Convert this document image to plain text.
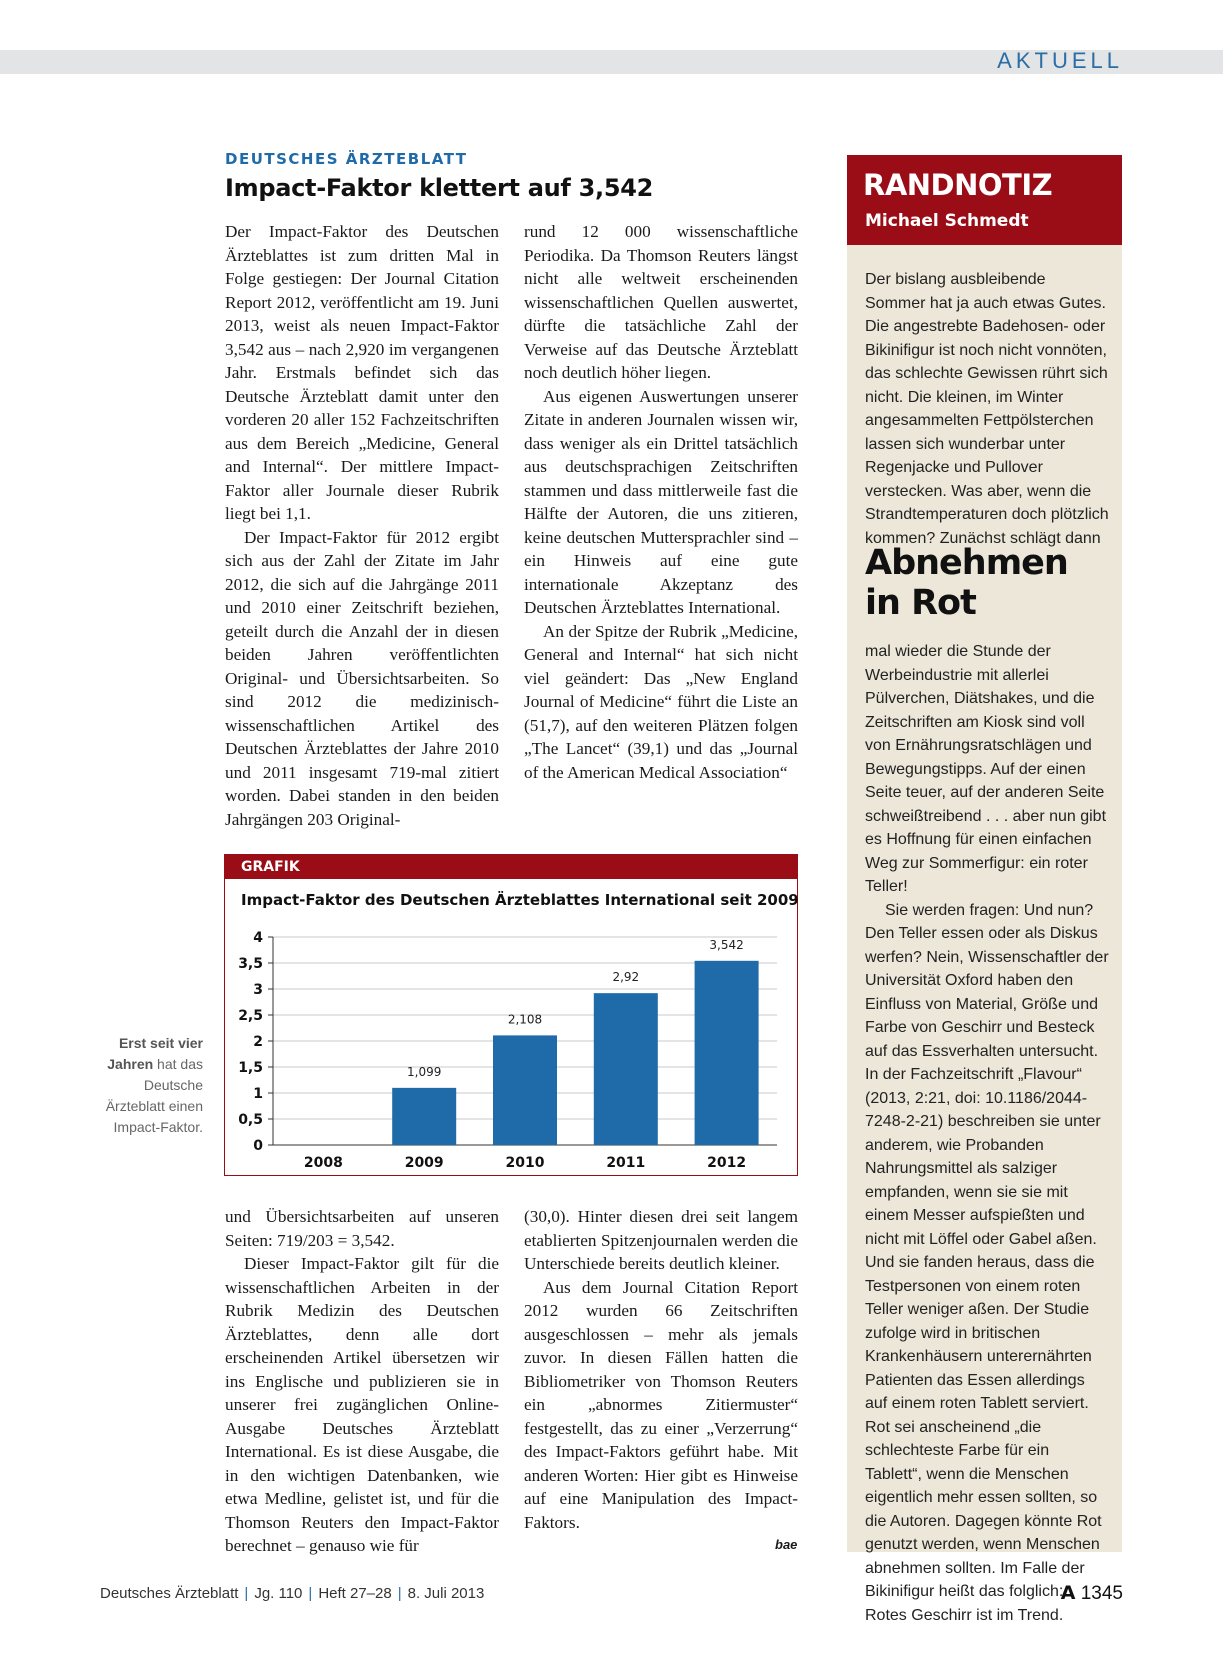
AKTUELL
DEUTSCHES ÄRZTEBLATT
Impact-Faktor klettert auf 3,542

Der Impact-Faktor des Deutschen Ärzteblattes ist zum dritten Mal in Folge gestiegen: Der Journal Citation Report 2012, veröffentlicht am 19. Juni 2013, weist als neuen Impact-Faktor 3,542 aus – nach 2,920 im vergangenen Jahr. Erstmals befindet sich das Deutsche Ärzteblatt damit unter den vorderen 20 aller 152 Fachzeitschriften aus dem Bereich „Medicine, General and Internal“. Der mittlere Impact-Faktor aller Journale dieser Rubrik liegt bei 1,1.

Der Impact-Faktor für 2012 ergibt sich aus der Zahl der Zitate im Jahr 2012, die sich auf die Jahrgänge 2011 und 2010 einer Zeitschrift beziehen, geteilt durch die Anzahl der in diesen beiden Jahren veröffentlichten Original- und Übersichtsarbeiten. So sind 2012 die medizinisch-wissenschaftlichen Artikel des Deutschen Ärzteblattes der Jahre 2010 und 2011 insgesamt 719-mal zitiert worden. Dabei standen in den beiden Jahrgängen 203 Original-

rund 12 000 wissenschaftliche Periodika. Da Thomson Reuters längst nicht alle weltweit erscheinenden wissenschaftlichen Quellen auswertet, dürfte die tatsächliche Zahl der Verweise auf das Deutsche Ärzteblatt noch deutlich höher liegen.

Aus eigenen Auswertungen unserer Zitate in anderen Journalen wissen wir, dass weniger als ein Drittel tatsächlich aus deutschsprachigen Zeitschriften stammen und dass mittlerweile fast die Hälfte der Autoren, die uns zitieren, keine deutschen Muttersprachler sind – ein Hinweis auf eine gute internationale Akzeptanz des Deutschen Ärzteblattes International.

An der Spitze der Rubrik „Medicine, General and Internal“ hat sich nicht viel geändert: Das „New England Journal of Medicine“ führt die Liste an (51,7), auf den weiteren Plätzen folgen „The Lancet“ (39,1) und das „Journal of the American Medical Association“

GRAFIK
Impact-Faktor des Deutschen Ärzteblattes International seit 2009
0
0,5
1
1,5
2
2,5
3
3,5
4
2008
1,099
2009
2,108
2010
2,92
2011
3,542
2012
Erst seit vier Jahren hat das Deutsche Ärzteblatt einen Impact-Faktor.

und Übersichtsarbeiten auf unseren Seiten: 719/203 = 3,542.

Dieser Impact-Faktor gilt für die wissenschaftlichen Arbeiten in der Rubrik Medizin des Deutschen Ärzteblattes, denn alle dort erscheinenden Artikel übersetzen wir ins Englische und publizieren sie in unserer frei zugänglichen Online-Ausgabe Deutsches Ärzteblatt International. Es ist diese Ausgabe, die in den wichtigen Datenbanken, wie etwa Medline, gelistet ist, und für die Thomson Reuters den Impact-Faktor berechnet – genauso wie für

(30,0). Hinter diesen drei seit langem etablierten Spitzenjournalen werden die Unterschiede bereits deutlich kleiner.

Aus dem Journal Citation Report 2012 wurden 66 Zeitschriften ausgeschlossen – mehr als jemals zuvor. In diesen Fällen hatten die Bibliometriker von Thomson Reuters ein „abnormes Zitiermuster“ festgestellt, das zu einer „Verzerrung“ des Impact-Faktors geführt habe. Mit anderen Worten: Hier gibt es Hinweise auf eine Manipulation des Impact-Faktors.

bae
RANDNOTIZ
Michael Schmedt

Der bislang ausbleibende Sommer hat ja auch etwas Gutes. Die angestrebte Badehosen- oder Bikinifigur ist noch nicht vonnöten, das schlechte Gewissen rührt sich nicht. Die kleinen, im Winter angesammelten Fettpölsterchen lassen sich wunderbar unter Regenjacke und Pullover verstecken. Was aber, wenn die Strandtemperaturen doch plötzlich kommen? Zunächst schlägt dann

Abnehmen
in Rot

mal wieder die Stunde der Werbeindustrie mit allerlei Pülverchen, Diätshakes, und die Zeitschriften am Kiosk sind voll von Ernährungsratschlägen und Bewegungstipps. Auf der einen Seite teuer, auf der anderen Seite schweißtreibend . . . aber nun gibt es Hoffnung für einen einfachen Weg zur Sommerfigur: ein roter Teller!

Sie werden fragen: Und nun? Den Teller essen oder als Diskus werfen? Nein, Wissenschaftler der Universität Oxford haben den Einfluss von Material, Größe und Farbe von Geschirr und Besteck auf das Essverhalten untersucht. In der Fachzeitschrift „Flavour“ (2013, 2:21, doi: 10.1186/2044-7248-2-21) beschreiben sie unter anderem, wie Probanden Nahrungsmittel als salziger empfanden, wenn sie sie mit einem Messer aufspießten und nicht mit Löffel oder Gabel aßen. Und sie fanden heraus, dass die Testpersonen von einem roten Teller weniger aßen. Der Studie zufolge wird in britischen Krankenhäusern unterernährten Patienten das Essen allerdings auf einem roten Tablett serviert. Rot sei anscheinend „die schlechteste Farbe für ein Tablett“, wenn die Menschen eigentlich mehr essen sollten, so die Autoren. Dagegen könnte Rot genutzt werden, wenn Menschen abnehmen sollten. Im Falle der Bikinifigur heißt das folglich: Rotes Geschirr ist im Trend.

Deutsches Ärzteblatt | Jg. 110 | Heft 27–28 | 8. Juli 2013	A 1345
